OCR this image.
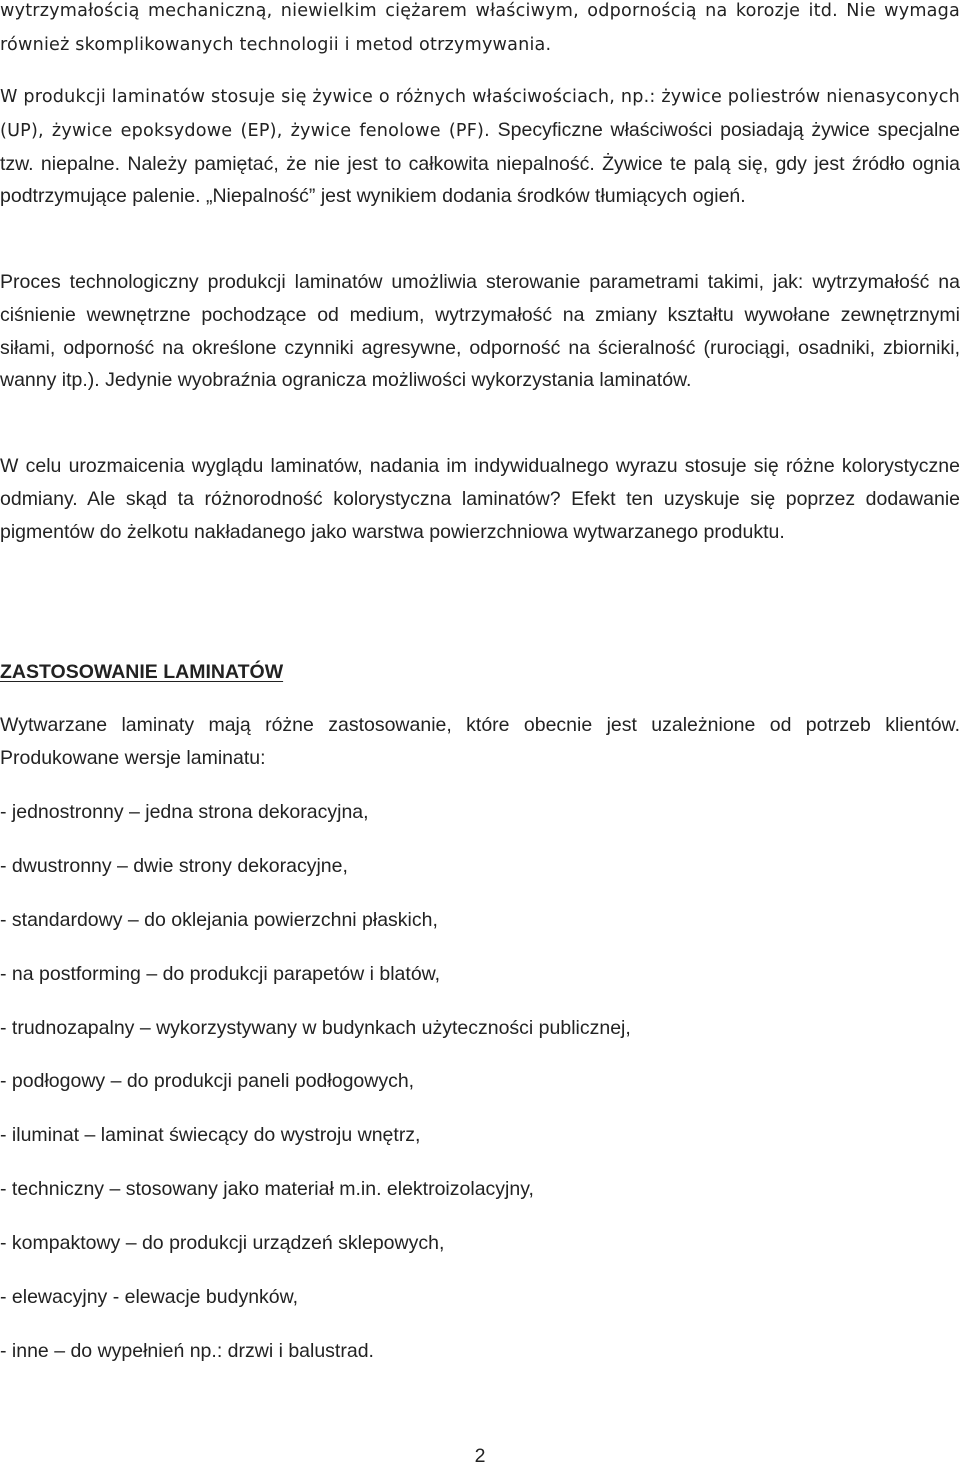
wytrzymałością mechaniczną, niewielkim ciężarem właściwym, odpornością na korozje itd. Nie wymaga również skomplikowanych technologii i metod otrzymywania.

W produkcji laminatów stosuje się żywice o różnych właściwościach, np.: żywice poliestrów nienasyconych (UP), żywice epoksydowe (EP), żywice fenolowe (PF). Specyficzne właściwości posiadają żywice specjalne tzw. niepalne. Należy pamiętać, że nie jest to całkowita niepalność. Żywice te palą się, gdy jest źródło ognia podtrzymujące palenie. „Niepalność” jest wynikiem dodania środków tłumiących ogień.

Proces technologiczny produkcji laminatów umożliwia sterowanie parametrami takimi, jak: wytrzymałość na ciśnienie wewnętrzne pochodzące od medium, wytrzymałość na zmiany kształtu wywołane zewnętrznymi siłami, odporność na określone czynniki agresywne, odporność na ścieralność (rurociągi, osadniki, zbiorniki, wanny itp.). Jedynie wyobraźnia ogranicza możliwości wykorzystania laminatów.

W celu urozmaicenia wyglądu laminatów, nadania im indywidualnego wyrazu stosuje się różne kolorystyczne odmiany. Ale skąd ta różnorodność kolorystyczna laminatów? Efekt ten uzyskuje się poprzez dodawanie pigmentów do żelkotu nakładanego jako warstwa powierzchniowa wytwarzanego produktu.

ZASTOSOWANIE LAMINATÓW

Wytwarzane laminaty mają różne zastosowanie, które obecnie jest uzależnione od potrzeb klientów. Produkowane wersje laminatu:

- jednostronny – jedna strona dekoracyjna,
- dwustronny – dwie strony dekoracyjne,
- standardowy – do oklejania powierzchni płaskich,
- na postforming – do produkcji parapetów i blatów,
- trudnozapalny – wykorzystywany w budynkach użyteczności publicznej,
- podłogowy – do produkcji paneli podłogowych,
- iluminat – laminat świecący do wystroju wnętrz,
- techniczny – stosowany jako materiał m.in. elektroizolacyjny,
- kompaktowy – do produkcji urządzeń sklepowych,
- elewacyjny - elewacje budynków,
- inne – do wypełnień np.: drzwi i balustrad.
2
